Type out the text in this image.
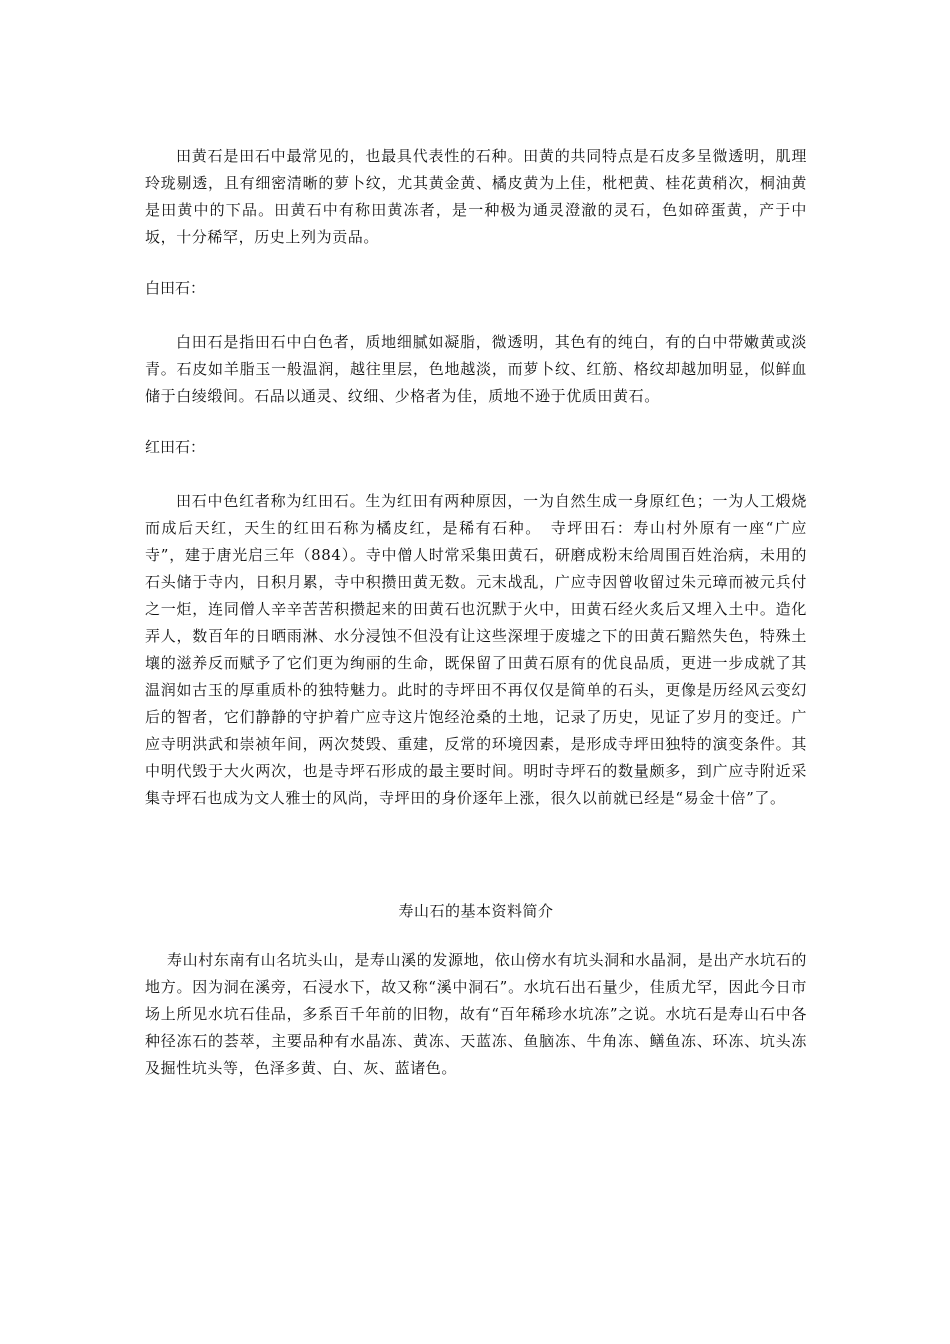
田黄石是田石中最常见的，也最具代表性的石种。田黄的共同特点是石皮多呈微透明，肌理玲珑剔透，且有细密清晰的萝卜纹，尤其黄金黄、橘皮黄为上佳，枇杷黄、桂花黄稍次，桐油黄是田黄中的下品。田黄石中有称田黄冻者，是一种极为通灵澄澈的灵石，色如碎蛋黄，产于中坂，十分稀罕，历史上列为贡品。

白田石：

白田石是指田石中白色者，质地细腻如凝脂，微透明，其色有的纯白，有的白中带嫩黄或淡青。石皮如羊脂玉一般温润，越往里层，色地越淡，而萝卜纹、红筋、格纹却越加明显，似鲜血储于白绫缎间。石品以通灵、纹细、少格者为佳，质地不逊于优质田黄石。

红田石：

田石中色红者称为红田石。生为红田有两种原因，一为自然生成一身原红色；一为人工煅烧而成后天红，天生的红田石称为橘皮红，是稀有石种。　寺坪田石：寿山村外原有一座“广应寺”，建于唐光启三年（884）。寺中僧人时常采集田黄石，研磨成粉末给周围百姓治病，未用的石头储于寺内，日积月累，寺中积攒田黄无数。元末战乱，广应寺因曾收留过朱元璋而被元兵付之一炬，连同僧人辛辛苦苦积攒起来的田黄石也沉默于火中，田黄石经火炙后又埋入土中。造化弄人，数百年的日晒雨淋、水分浸蚀不但没有让这些深埋于废墟之下的田黄石黯然失色，特殊土壤的滋养反而赋予了它们更为绚丽的生命，既保留了田黄石原有的优良品质，更进一步成就了其温润如古玉的厚重质朴的独特魅力。此时的寺坪田不再仅仅是简单的石头，更像是历经风云变幻后的智者，它们静静的守护着广应寺这片饱经沧桑的土地，记录了历史，见证了岁月的变迁。广应寺明洪武和崇祯年间，两次焚毁、重建，反常的环境因素，是形成寺坪田独特的演变条件。其中明代毁于大火两次，也是寺坪石形成的最主要时间。明时寺坪石的数量颇多，到广应寺附近采集寺坪石也成为文人雅士的风尚，寺坪田的身价逐年上涨，很久以前就已经是“易金十倍”了。

寿山石的基本资料简介

寿山村东南有山名坑头山，是寿山溪的发源地，依山傍水有坑头洞和水晶洞，是出产水坑石的地方。因为洞在溪旁，石浸水下，故又称“溪中洞石”。水坑石出石量少，佳质尤罕，因此今日市场上所见水坑石佳品，多系百千年前的旧物，故有“百年稀珍水坑冻”之说。水坑石是寿山石中各种径冻石的荟萃，主要品种有水晶冻、黄冻、天蓝冻、鱼脑冻、牛角冻、鳝鱼冻、环冻、坑头冻及掘性坑头等，色泽多黄、白、灰、蓝诸色。
